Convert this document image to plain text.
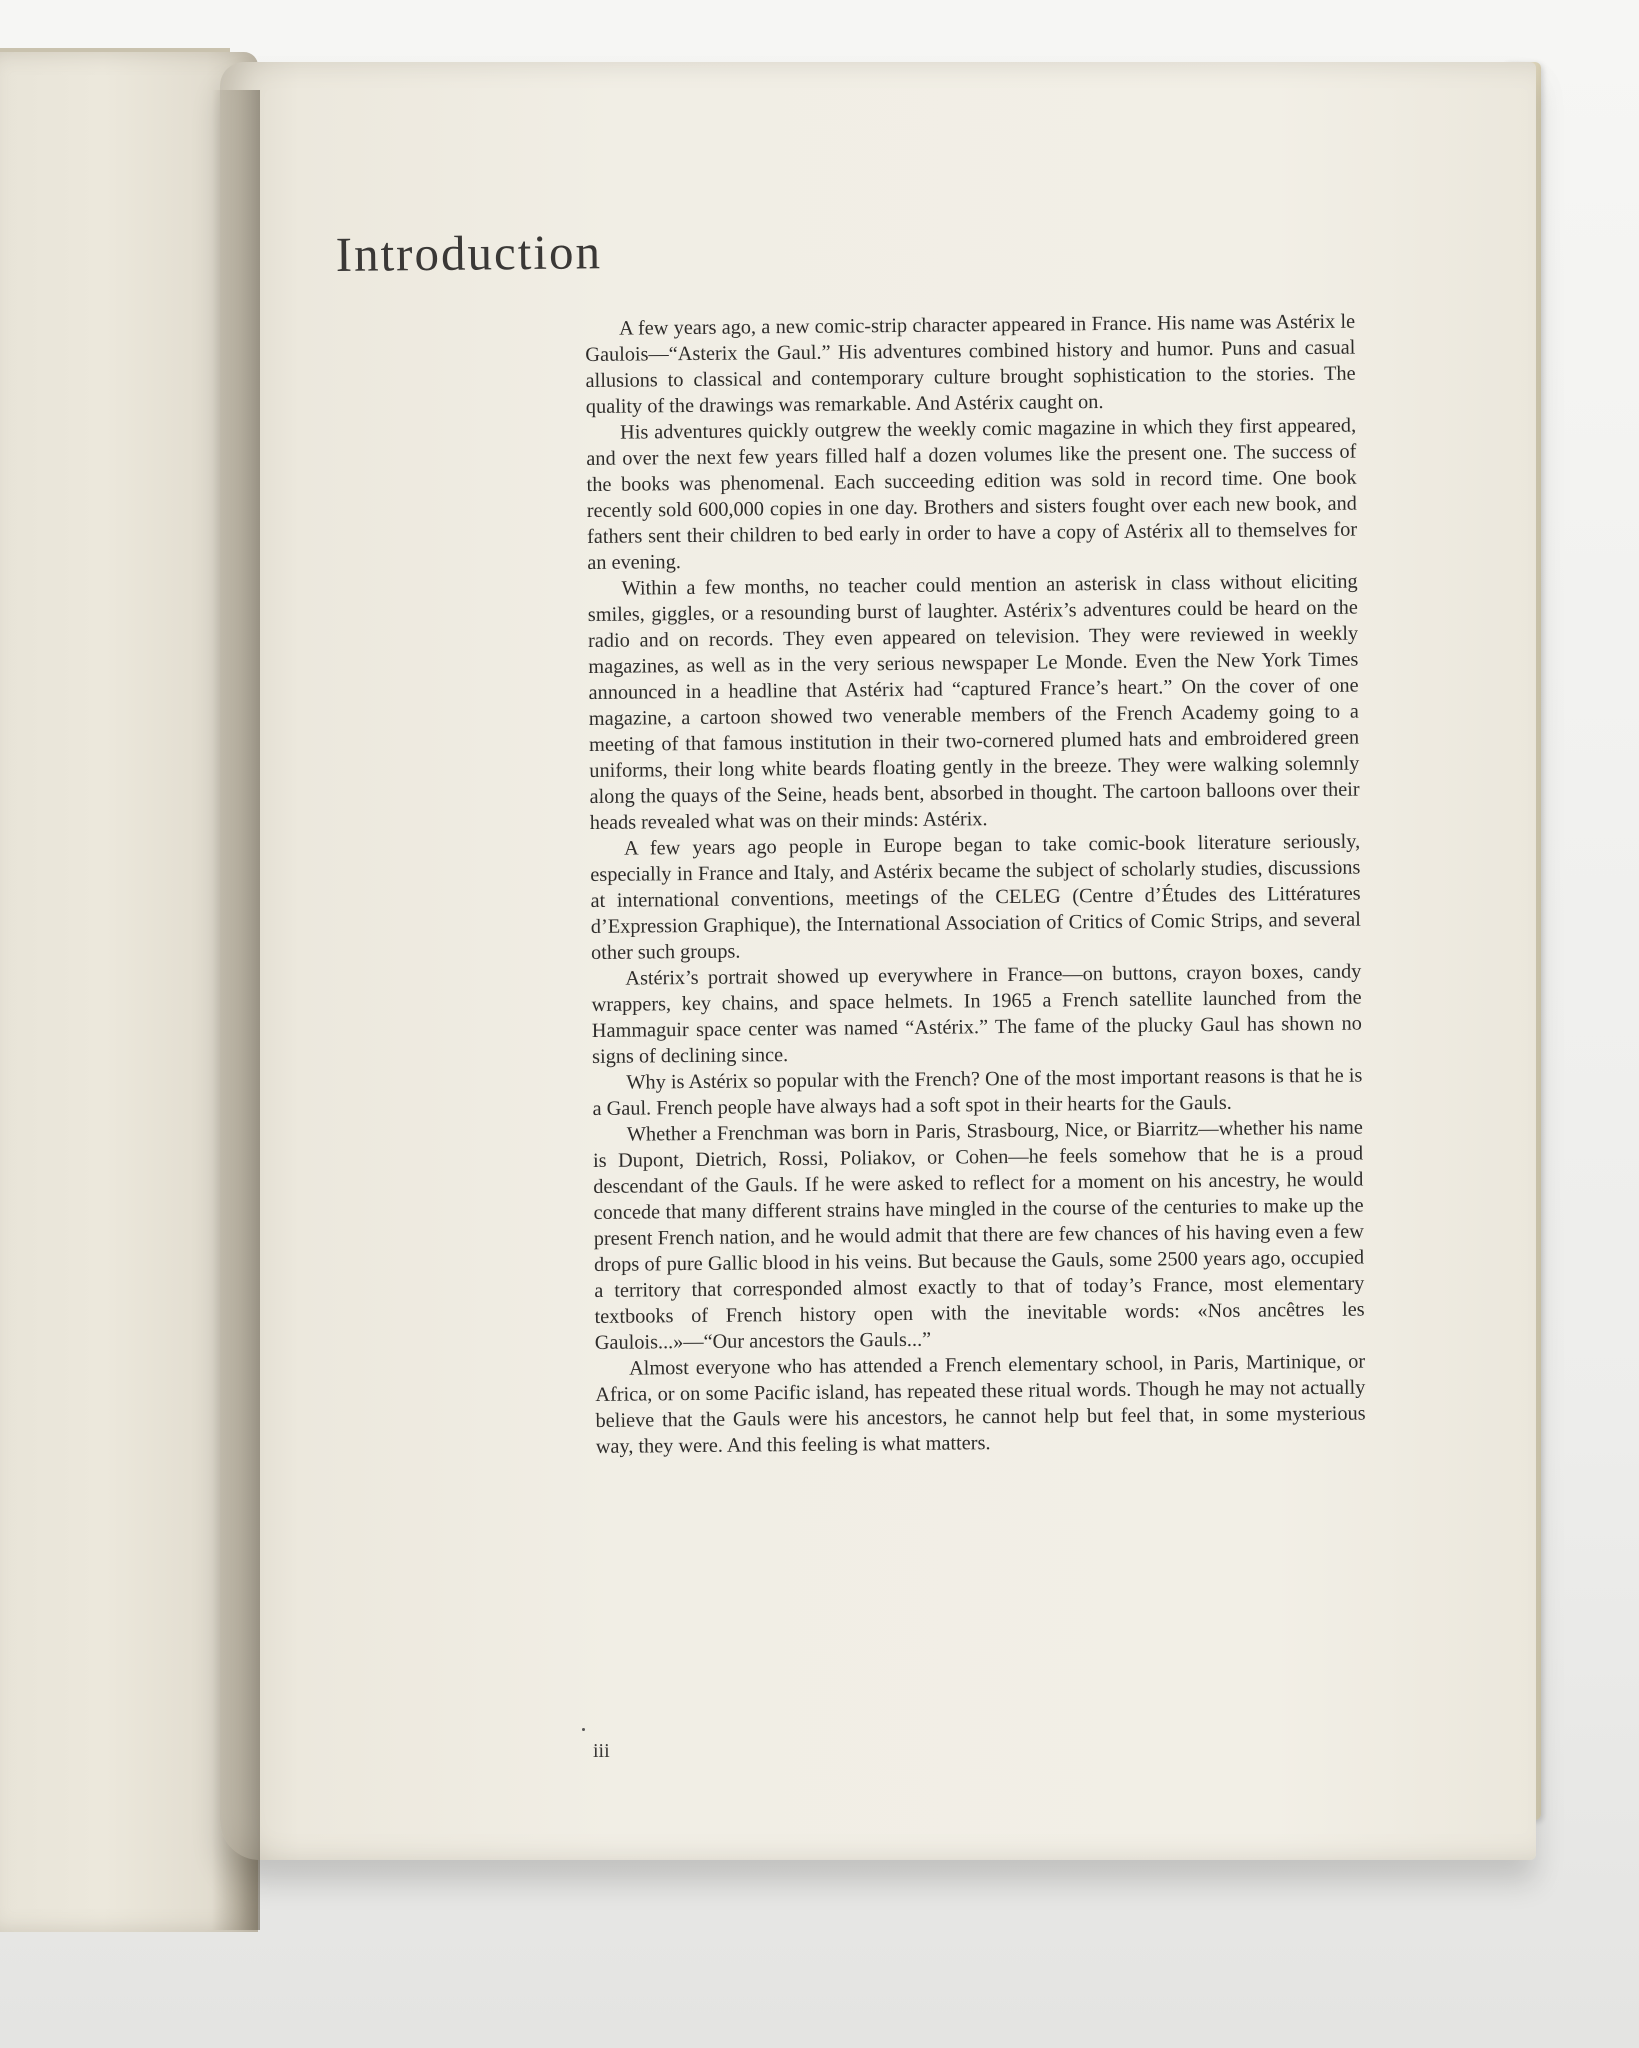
Introduction

A few years ago, a new comic-strip character appeared in France. His name was Astérix le Gaulois—“Asterix the Gaul.” His adventures combined history and humor. Puns and casual allusions to classical and contemporary culture brought sophistication to the stories. The quality of the drawings was remarkable. And Astérix caught on.

His adventures quickly outgrew the weekly comic magazine in which they first appeared, and over the next few years filled half a dozen volumes like the present one. The success of the books was phenomenal. Each succeeding edition was sold in record time. One book recently sold 600,000 copies in one day. Brothers and sisters fought over each new book, and fathers sent their children to bed early in order to have a copy of Astérix all to themselves for an evening.

Within a few months, no teacher could mention an asterisk in class without eliciting smiles, giggles, or a resounding burst of laughter. Astérix’s adventures could be heard on the radio and on records. They even appeared on television. They were reviewed in weekly magazines, as well as in the very serious newspaper Le Monde. Even the New York Times announced in a headline that Astérix had “captured France’s heart.” On the cover of one magazine, a cartoon showed two venerable members of the French Academy going to a meeting of that famous institution in their two-cornered plumed hats and embroidered green uniforms, their long white beards floating gently in the breeze. They were walking solemnly along the quays of the Seine, heads bent, absorbed in thought. The cartoon balloons over their heads revealed what was on their minds: Astérix.

A few years ago people in Europe began to take comic-book literature seriously, especially in France and Italy, and Astérix became the subject of scholarly studies, discussions at international conventions, meetings of the CELEG (Centre d’Études des Littératures d’Expression Graphique), the International Association of Critics of Comic Strips, and several other such groups.

Astérix’s portrait showed up everywhere in France—on buttons, crayon boxes, candy wrappers, key chains, and space helmets. In 1965 a French satellite launched from the Hammaguir space center was named “Astérix.” The fame of the plucky Gaul has shown no signs of declining since.

Why is Astérix so popular with the French? One of the most important reasons is that he is a Gaul. French people have always had a soft spot in their hearts for the Gauls.

Whether a Frenchman was born in Paris, Strasbourg, Nice, or Biarritz—whether his name is Dupont, Dietrich, Rossi, Poliakov, or Cohen—he feels somehow that he is a proud descendant of the Gauls. If he were asked to reflect for a moment on his ancestry, he would concede that many different strains have mingled in the course of the centuries to make up the present French nation, and he would admit that there are few chances of his having even a few drops of pure Gallic blood in his veins. But because the Gauls, some 2500 years ago, occupied a territory that corresponded almost exactly to that of today’s France, most elementary textbooks of French history open with the inevitable words: «Nos ancêtres les Gaulois...»—“Our ancestors the Gauls...”

Almost everyone who has attended a French elementary school, in Paris, Martinique, or Africa, or on some Pacific island, has repeated these ritual words. Though he may not actually believe that the Gauls were his ancestors, he cannot help but feel that, in some mysterious way, they were. And this feeling is what matters.

iii
